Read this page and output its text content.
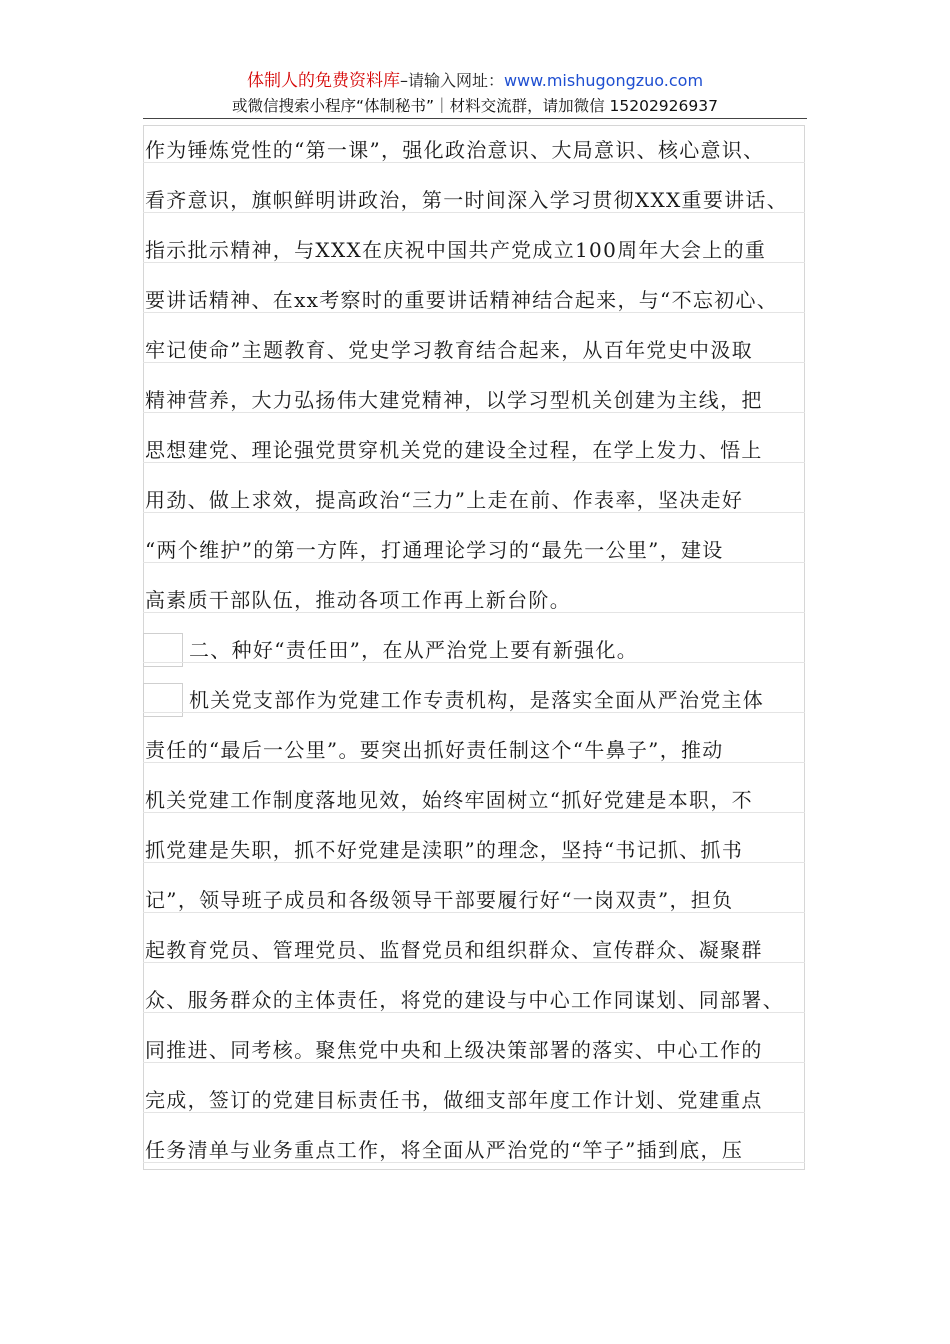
体制人的免费资料库–请输入网址：www.mishugongzuo.com
或微信搜索小程序“体制秘书”｜材料交流群，请加微信 15202926937
作为锤炼党性的“第一课”，强化政治意识、大局意识、核心意识、
看齐意识，旗帜鲜明讲政治，第一时间深入学习贯彻XXX重要讲话、
指示批示精神，与XXX在庆祝中国共产党成立100周年大会上的重
要讲话精神、在xx考察时的重要讲话精神结合起来，与“不忘初心、
牢记使命”主题教育、党史学习教育结合起来，从百年党史中汲取
精神营养，大力弘扬伟大建党精神，以学习型机关创建为主线，把
思想建党、理论强党贯穿机关党的建设全过程，在学上发力、悟上
用劲、做上求效，提高政治“三力”上走在前、作表率，坚决走好
“两个维护”的第一方阵，打通理论学习的“最先一公里”，建设
高素质干部队伍，推动各项工作再上新台阶。
二、种好“责任田”，在从严治党上要有新强化。
机关党支部作为党建工作专责机构，是落实全面从严治党主体
责任的“最后一公里”。要突出抓好责任制这个“牛鼻子”，推动
机关党建工作制度落地见效，始终牢固树立“抓好党建是本职，不
抓党建是失职，抓不好党建是渎职”的理念，坚持“书记抓、抓书
记”，领导班子成员和各级领导干部要履行好“一岗双责”，担负
起教育党员、管理党员、监督党员和组织群众、宣传群众、凝聚群
众、服务群众的主体责任，将党的建设与中心工作同谋划、同部署、
同推进、同考核。聚焦党中央和上级决策部署的落实、中心工作的
完成，签订的党建目标责任书，做细支部年度工作计划、党建重点
任务清单与业务重点工作，将全面从严治党的“竿子”插到底，压
